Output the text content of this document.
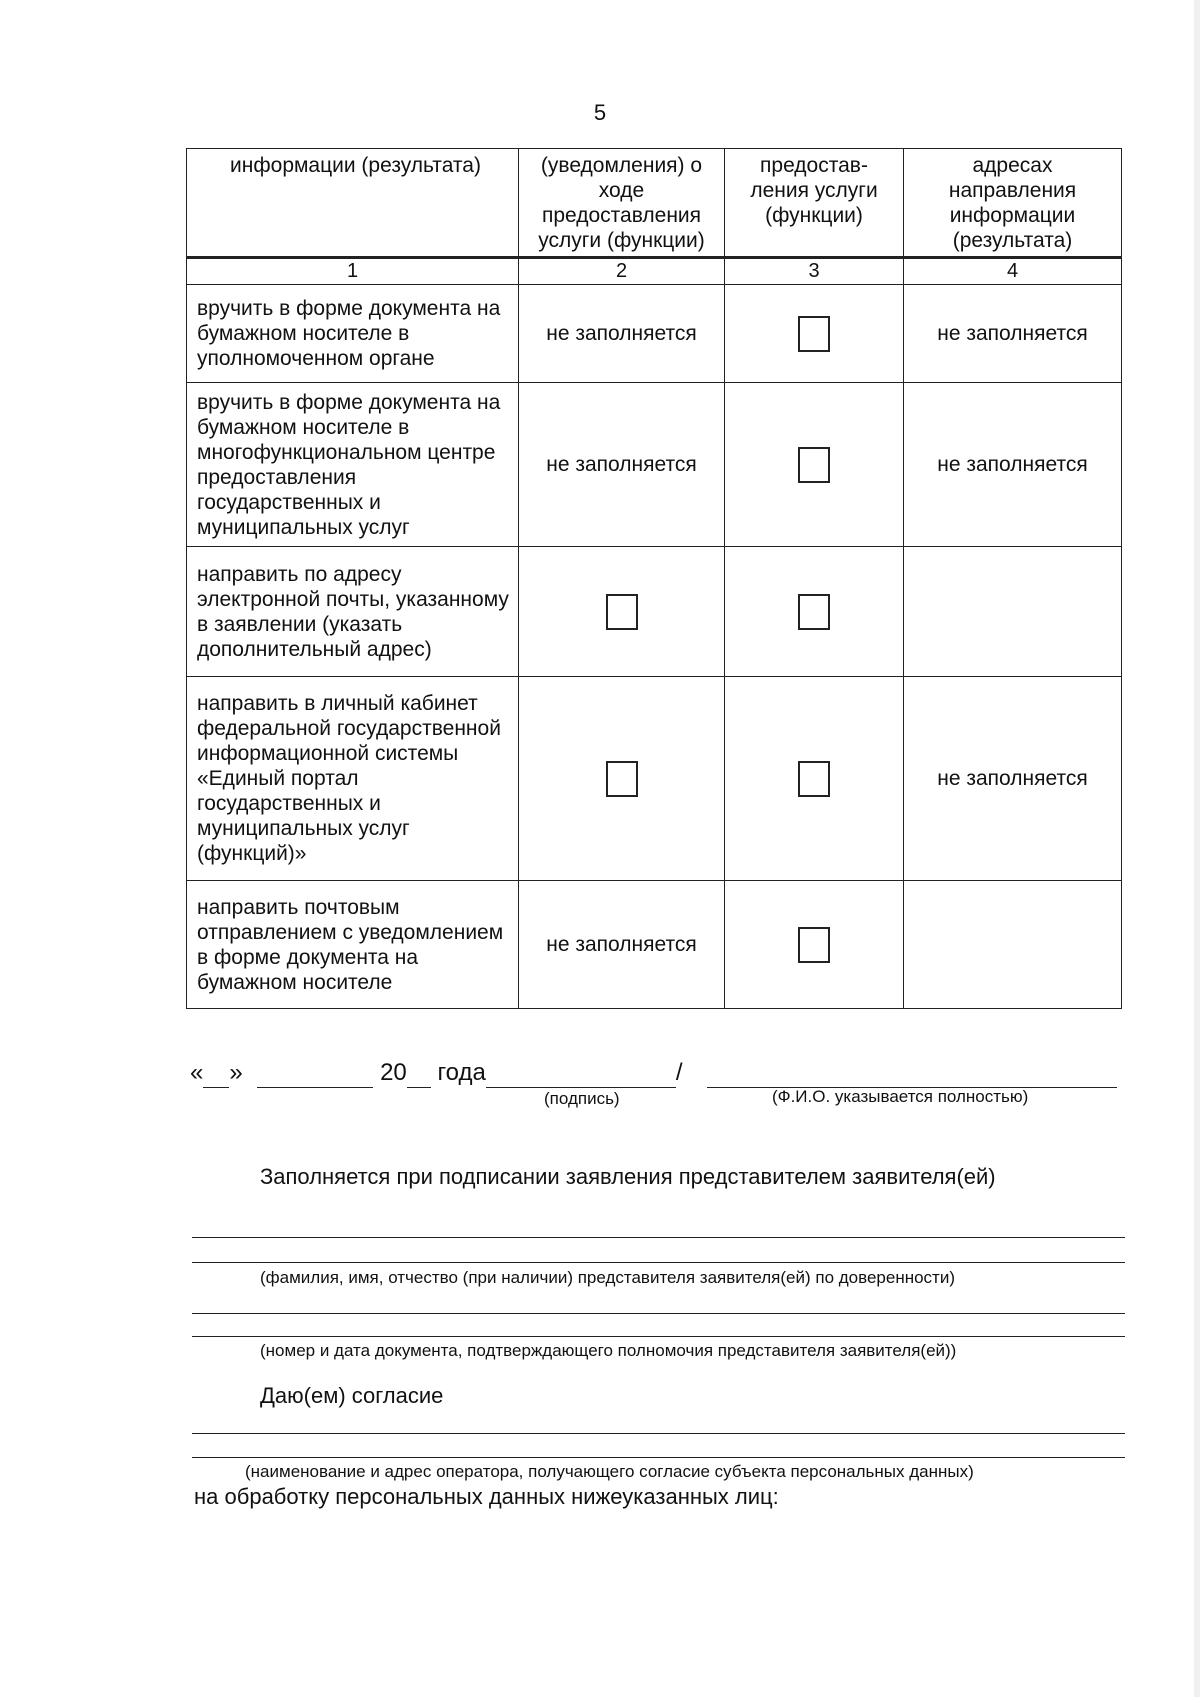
5
информации (результата)	(уведомления) о ходе предоставления услуги (функции)	предостав-ления услуги (функции)	адресах направления информации (результата)
1	2	3	4
вручить в форме документа на бумажном носителе в уполномоченном органе	не заполняется		не заполняется
вручить в форме документа на бумажном носителе в многофункциональном центре предоставления государственных и муниципальных услуг	не заполняется		не заполняется
направить по адресу электронной почты, указанному в заявлении (указать дополнительный адрес)			
направить в личный кабинет федеральной государственной информационной системы «Единый портал государственных и муниципальных услуг (функций)»			не заполняется
направить почтовым отправлением с уведомлением в форме документа на бумажном носителе	не заполняется		
« »	20 года	/
(подпись)	(Ф.И.О. указывается полностью)
Заполняется при подписании заявления представителем заявителя(ей)
(фамилия, имя, отчество (при наличии) представителя заявителя(ей) по доверенности)
(номер и дата документа, подтверждающего полномочия представителя заявителя(ей))
Даю(ем) согласие
(наименование и адрес оператора, получающего согласие субъекта персональных данных)
на обработку персональных данных нижеуказанных лиц:
